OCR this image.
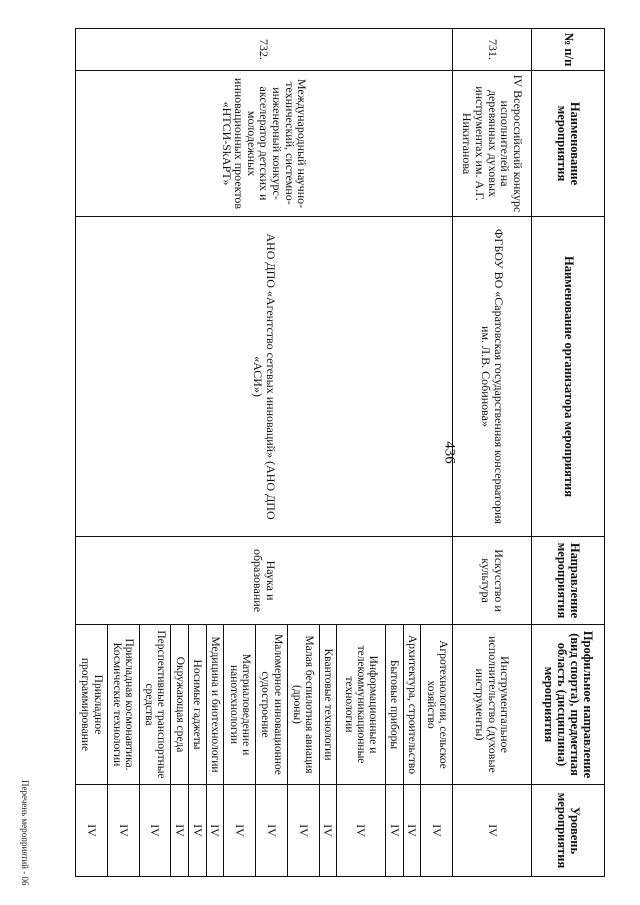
436
Перечень мероприятий - 06
№ п/п	Наименование мероприятия	Наименование организатора мероприятия	Направление мероприятия	Профильное направление (вид спорта), предметная область (дисциплина) мероприятия	Уровень мероприятия
731.	IV Всероссийский конкурс исполнителей на деревянных духовых инструментах им. А.Г. Никитанова	ФГБОУ ВО «Саратовская государственная консерватория им. Л.В. Собинова»	Искусство и культура	Инструментальное исполнительство (духовые инструменты)	IV
732.	Международный научно-технический, системно-инженерный конкурс-акселератор детских и молодежных инновационных проектов «НТСИ-SkАРТ»	АНО ДПО «Агентство сетевых инноваций» (АНО ДПО «АСИ»)	Наука и образование	Агротехнологии, сельское хозяйство	IV
				Архитектура, строительство	IV
				Бытовые приборы	IV
				Информационные и телекоммуникационные технологии	IV
				Квантовые технологии	IV
				Малая беспилотная авиация (дроны)	IV
				Маломерное инновационное судостроение	IV
				Материаловедение и нанотехнологии	IV
				Медицина и биотехнологии	IV
				Носимые гаджеты	IV
				Окружающая среда	IV
				Перспективные транспортные средства	IV
				Прикладная космонавтика. Космические технологии	IV
				Прикладное программирование	IV
